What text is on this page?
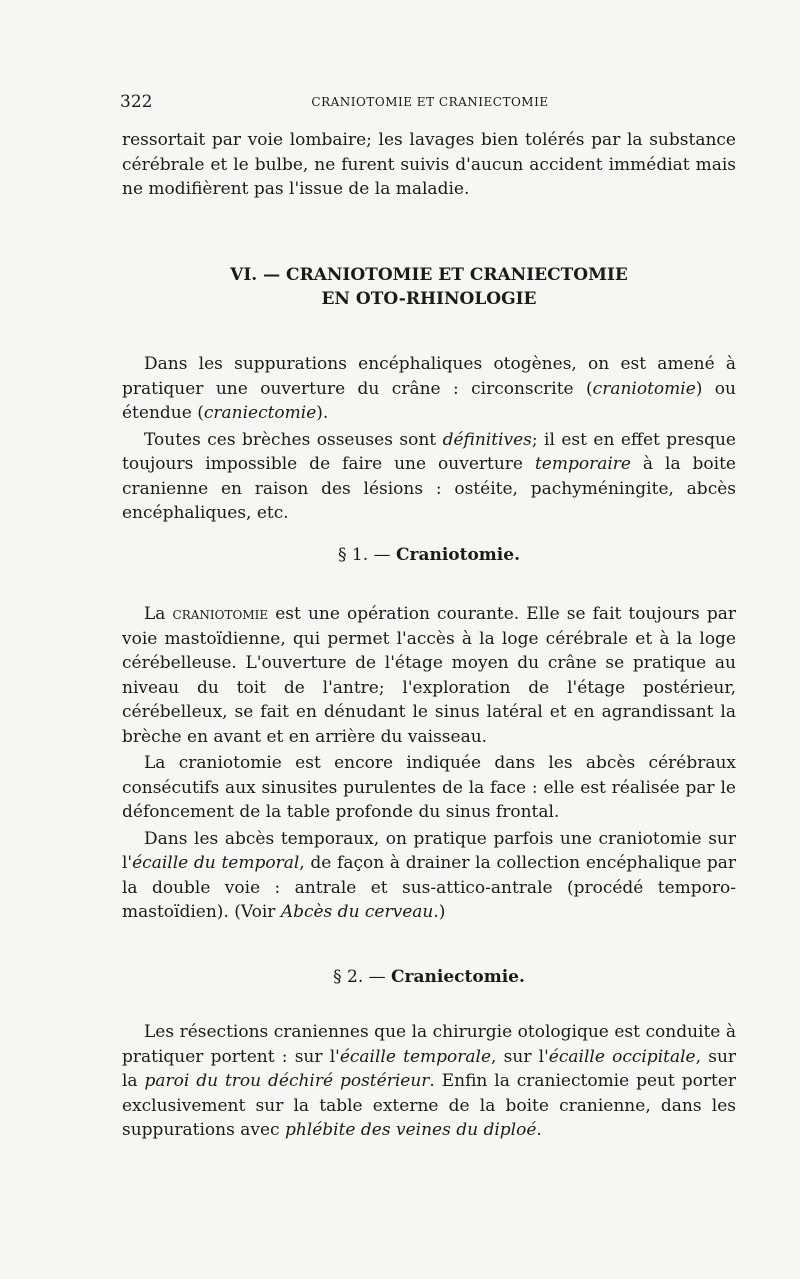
322	CRANIOTOMIE ET CRANIECTOMIE

ressortait par voie lombaire; les lavages bien tolérés par la substance cérébrale et le bulbe, ne furent suivis d'aucun accident immédiat mais ne modifièrent pas l'issue de la maladie.

VI. — CRANIOTOMIE ET CRANIECTOMIE
EN OTO-RHINOLOGIE

Dans les suppurations encéphaliques otogènes, on est amené à pratiquer une ouverture du crâne : circonscrite (craniotomie) ou étendue (craniectomie).

Toutes ces brèches osseuses sont définitives; il est en effet presque toujours impossible de faire une ouverture temporaire à la boite cranienne en raison des lésions : ostéite, pachyméningite, abcès encéphaliques, etc.

§ 1. — Craniotomie.

La craniotomie est une opération courante. Elle se fait toujours par voie mastoïdienne, qui permet l'accès à la loge cérébrale et à la loge cérébelleuse. L'ouverture de l'étage moyen du crâne se pratique au niveau du toit de l'antre; l'exploration de l'étage postérieur, cérébelleux, se fait en dénudant le sinus latéral et en agrandissant la brèche en avant et en arrière du vaisseau.

La craniotomie est encore indiquée dans les abcès cérébraux consécutifs aux sinusites purulentes de la face : elle est réalisée par le défoncement de la table profonde du sinus frontal.

Dans les abcès temporaux, on pratique parfois une craniotomie sur l'écaille du temporal, de façon à drainer la collection encéphalique par la double voie : antrale et sus-attico-antrale (procédé temporo-mastoïdien). (Voir Abcès du cerveau.)

§ 2. — Craniectomie.

Les résections craniennes que la chirurgie otologique est conduite à pratiquer portent : sur l'écaille temporale, sur l'écaille occipitale, sur la paroi du trou déchiré postérieur. Enfin la craniectomie peut porter exclusivement sur la table externe de la boite cranienne, dans les suppurations avec phlébite des veines du diploé.
